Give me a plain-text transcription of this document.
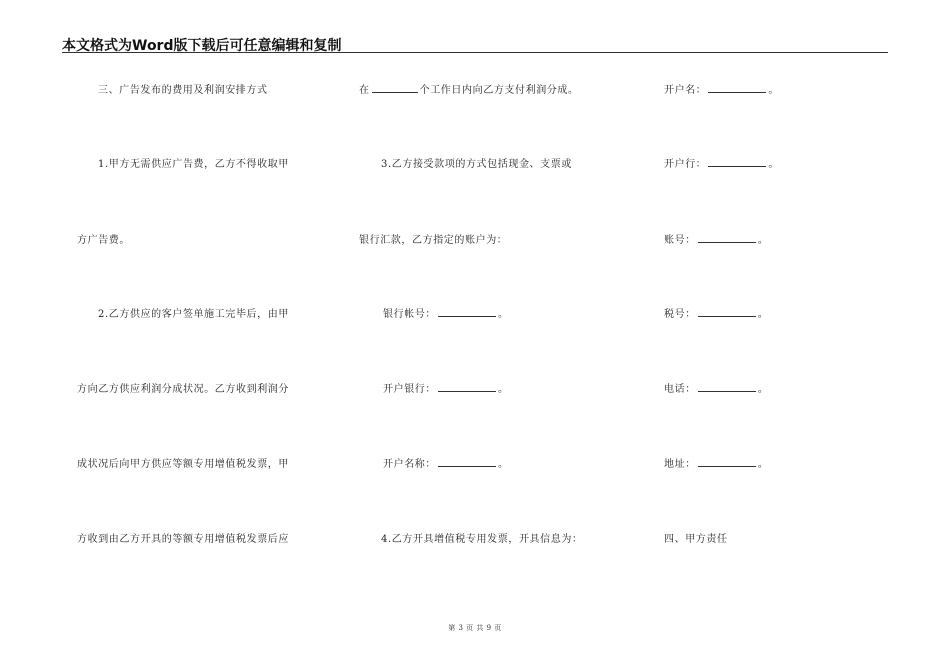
本文格式为Word版下载后可任意编辑和复制
三、广告发布的费用及利润安排方式
1.甲方无需供应广告费，乙方不得收取甲
方广告费。
2.乙方供应的客户签单施工完毕后，由甲
方向乙方供应利润分成状况。乙方收到利润分
成状况后向甲方供应等额专用增值税发票，甲
方收到由乙方开具的等额专用增值税发票后应
在	个工作日内向乙方支付利润分成。
3.乙方接受款项的方式包括现金、支票或
银行汇款，乙方指定的账户为：
银行帐号：	。
开户银行：	。
开户名称：	。
4.乙方开具增值税专用发票，开具信息为：
开户名：	。
开户行：	。
账号：	。
税号：	。
电话：	。
地址：	。
四、甲方责任
第 3 页 共 9 页
